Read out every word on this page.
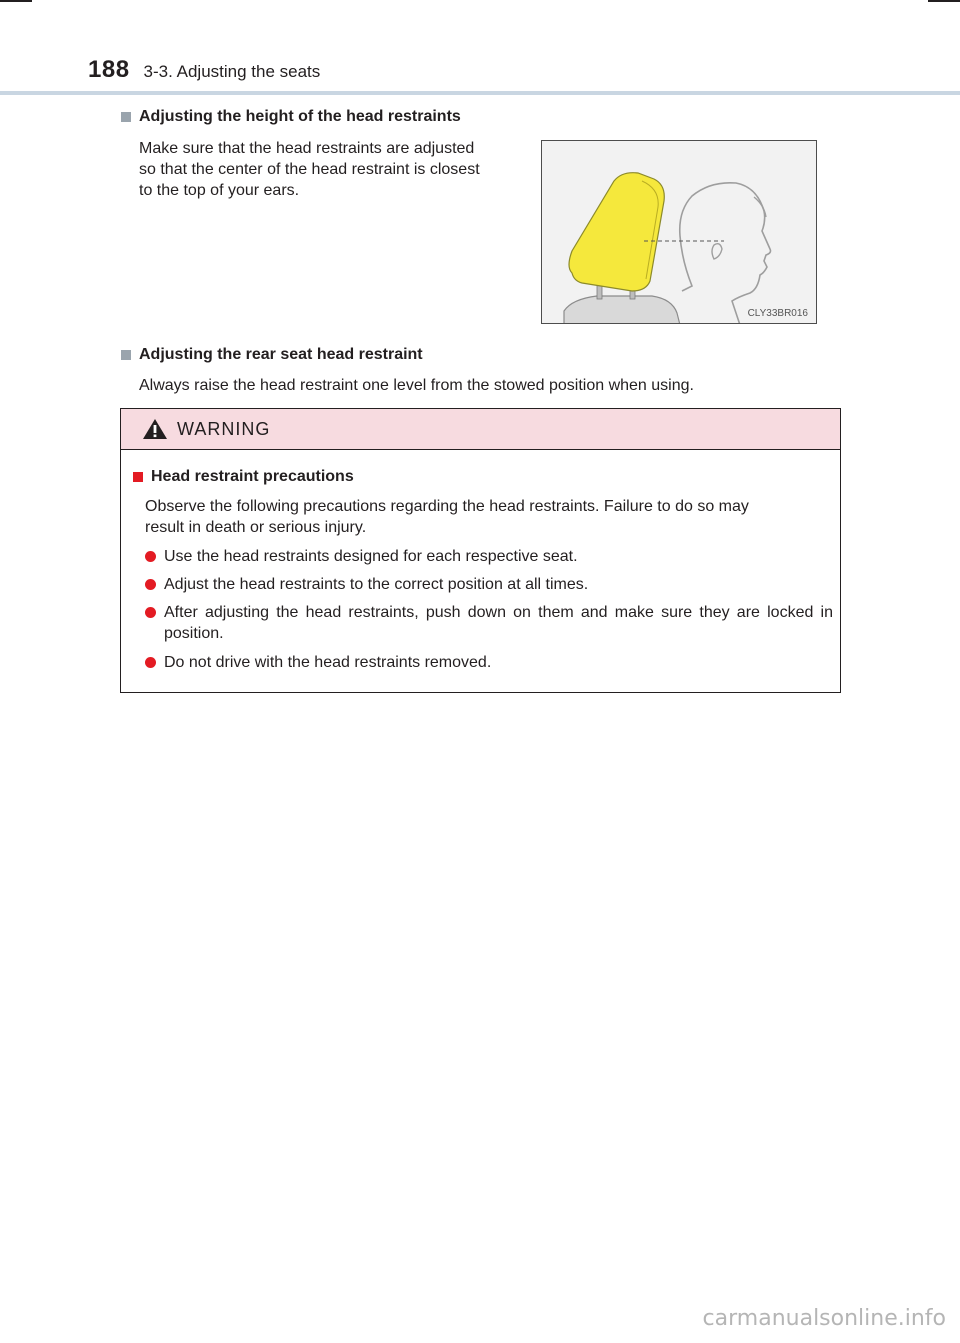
188 3-3. Adjusting the seats
Adjusting the height of the head restraints
Make sure that the head restraints are adjusted
so that the center of the head restraint is closest
to the top of your ears.
CLY33BR016
Adjusting the rear seat head restraint
Always raise the head restraint one level from the stowed position when using.
WARNING
Head restraint precautions
Observe the following precautions regarding the head restraints. Failure to do so may
result in death or serious injury.
Use the head restraints designed for each respective seat.
Adjust the head restraints to the correct position at all times.
After adjusting the head restraints, push down on them and make sure they are locked in position.
Do not drive with the head restraints removed.
carmanualsonline.info
